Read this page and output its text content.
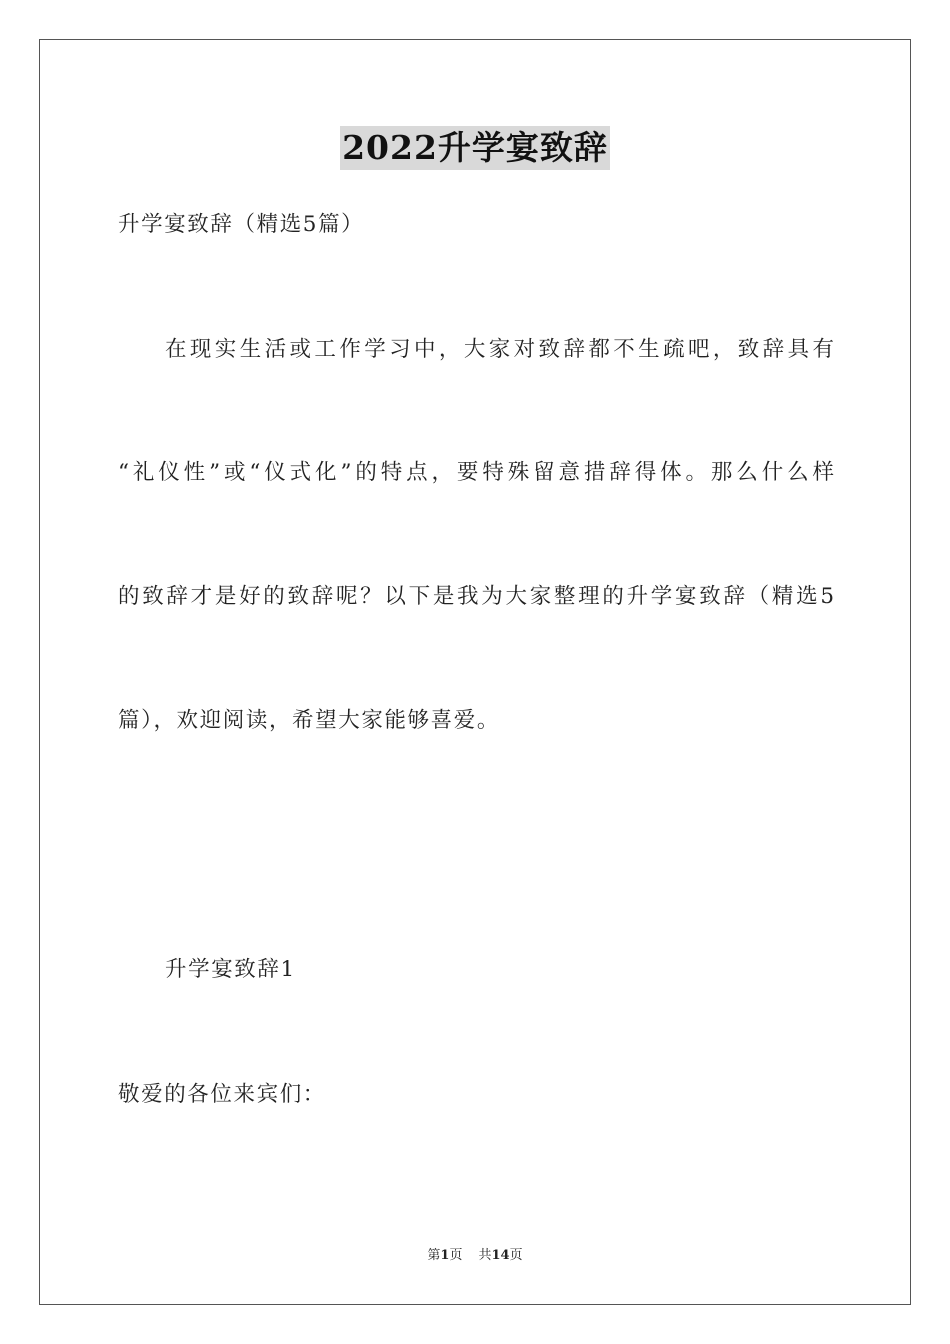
2022升学宴致辞
升学宴致辞（精选5篇）
在现实生活或工作学习中，大家对致辞都不生疏吧，致辞具有
“礼仪性”或“仪式化”的特点，要特殊留意措辞得体。那么什么样
的致辞才是好的致辞呢？以下是我为大家整理的升学宴致辞（精选5
篇），欢迎阅读，希望大家能够喜爱。
升学宴致辞1
敬爱的各位来宾们：
第1页 共14页
